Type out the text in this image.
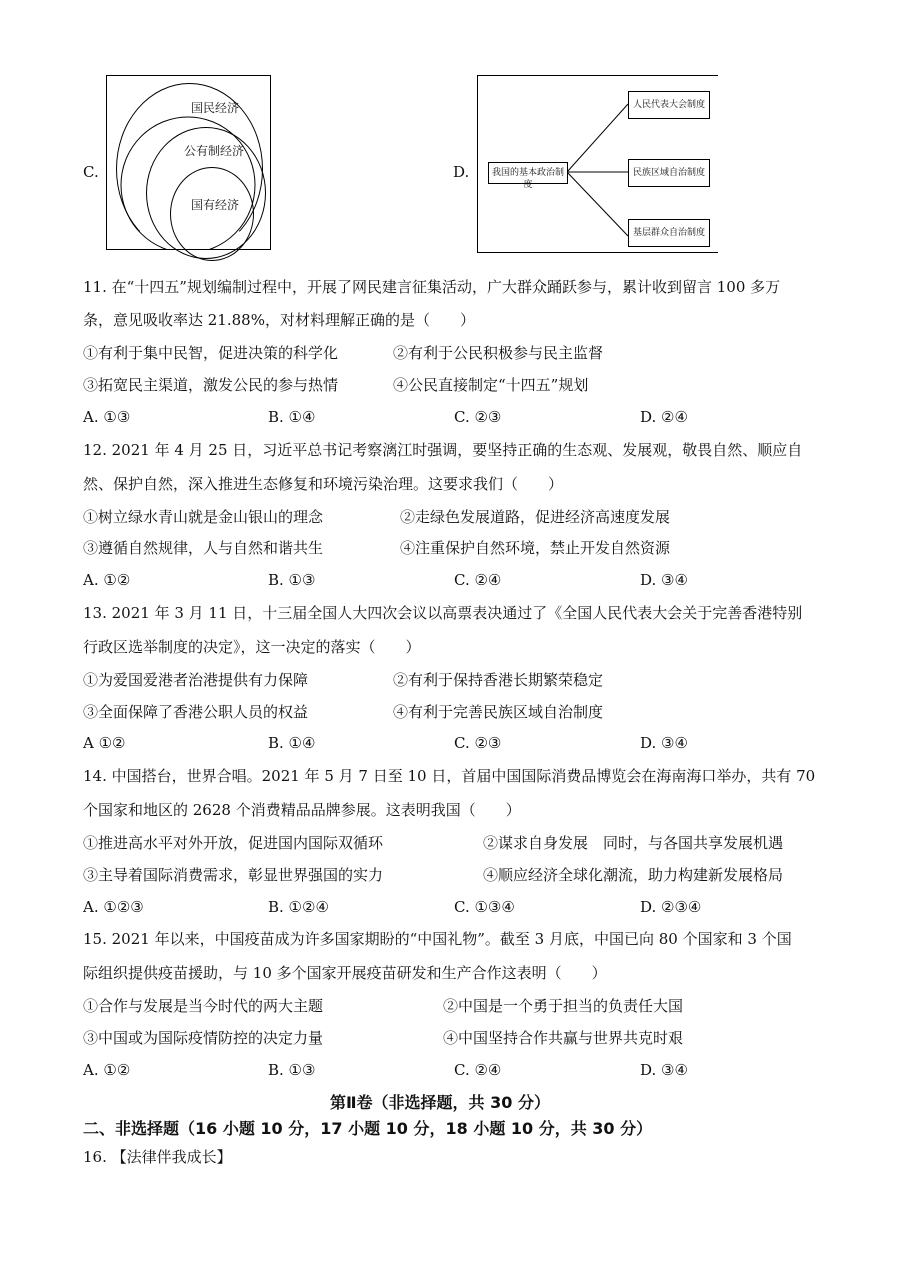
C.
国民经济
公有制经济
国有经济
D.	我国的基本政治制度
人民代表大会制度
民族区域自治制度
基层群众自治制度
11. 在“十四五”规划编制过程中，开展了网民建言征集活动，广大群众踊跃参与，累计收到留言 100 多万
条，意见吸收率达 21.88%，对材料理解正确的是（　　）
①有利于集中民智，促进决策的科学化	②有利于公民积极参与民主监督
③拓宽民主渠道，激发公民的参与热情	④公民直接制定“十四五”规划
A. ①③	B. ①④	C. ②③	D. ②④
12. 2021 年 4 月 25 日，习近平总书记考察漓江时强调，要坚持正确的生态观、发展观，敬畏自然、顺应自
然、保护自然，深入推进生态修复和环境污染治理。这要求我们（　　）
①树立绿水青山就是金山银山的理念	②走绿色发展道路，促进经济高速度发展
③遵循自然规律，人与自然和谐共生	④注重保护自然环境，禁止开发自然资源
A. ①②	B. ①③	C. ②④	D. ③④
13. 2021 年 3 月 11 日，十三届全国人大四次会议以高票表决通过了《全国人民代表大会关于完善香港特别
行政区选举制度的决定》，这一决定的落实（　　）
①为爱国爱港者治港提供有力保障	②有利于保持香港长期繁荣稳定
③全面保障了香港公职人员的权益	④有利于完善民族区域自治制度
A ①②	B. ①④	C. ②③	D. ③④
14. 中国搭台，世界合唱。2021 年 5 月 7 日至 10 日，首届中国国际消费品博览会在海南海口举办，共有 70
个国家和地区的 2628 个消费精品品牌参展。这表明我国（　　）
①推进高水平对外开放，促进国内国际双循环	②谋求自身发展　同时，与各国共享发展机遇
③主导着国际消费需求，彰显世界强国的实力	④顺应经济全球化潮流，助力构建新发展格局
A. ①②③	B. ①②④	C. ①③④	D. ②③④
15. 2021 年以来，中国疫苗成为许多国家期盼的“中国礼物”。截至 3 月底，中国已向 80 个国家和 3 个国
际组织提供疫苗援助，与 10 多个国家开展疫苗研发和生产合作这表明（　　）
①合作与发展是当今时代的两大主题	②中国是一个勇于担当的负责任大国
③中国或为国际疫情防控的决定力量	④中国坚持合作共赢与世界共克时艰
A. ①②	B. ①③	C. ②④	D. ③④
第Ⅱ卷（非选择题，共 30 分）
二、非选择题（16 小题 10 分，17 小题 10 分，18 小题 10 分，共 30 分）
16. 【法律伴我成长】
